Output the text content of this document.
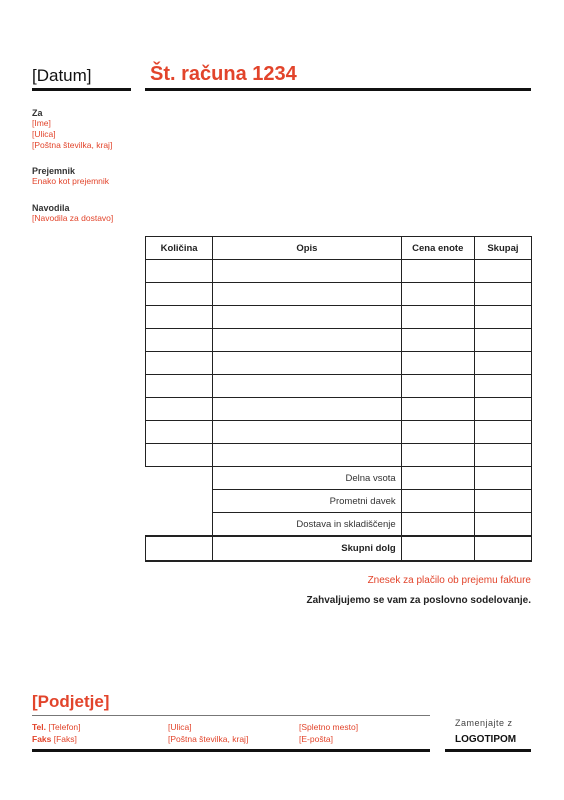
[Datum]	Št. računa 1234
Za
[Ime]
[Ulica]
[Poštna številka, kraj]
Prejemnik
Enako kot prejemnik
Navodila
[Navodila za dostavo]
Količina	Opis	Cena enote	Skupaj

	Delna vsota		
	Prometni davek		
	Dostava in skladiščenje		
	Skupni dolg		
Znesek za plačilo ob prejemu fakture
Zahvaljujemo se vam za poslovno sodelovanje.
[Podjetje]
Tel. [Telefon]
Faks [Faks]
[Ulica]
[Poštna številka, kraj]
[Spletno mesto]
[E-pošta]
Zamenjajte z
LOGOTIPOM
